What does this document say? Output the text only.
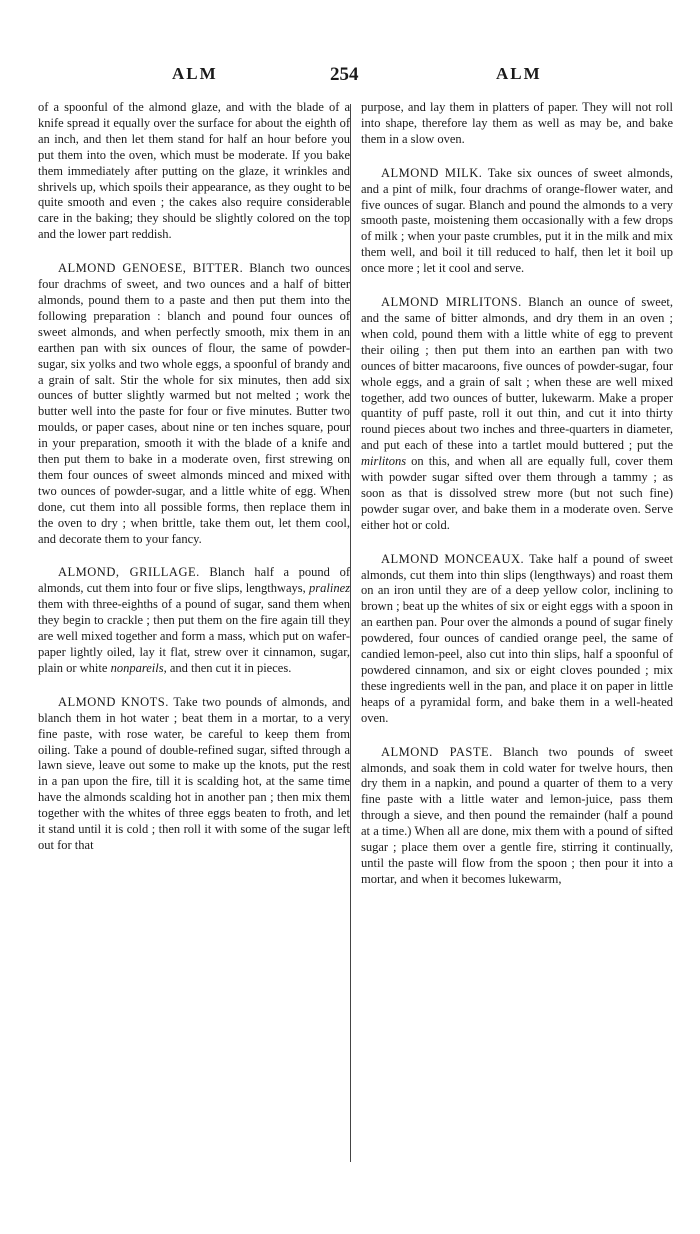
ALM	254	ALM

of a spoonful of the almond glaze, and with the blade of a knife spread it equally over the surface for about the eighth of an inch, and then let them stand for half an hour before you put them into the oven, which must be moderate. If you bake them immediately after putting on the glaze, it wrinkles and shrivels up, which spoils their appearance, as they ought to be quite smooth and even ; the cakes also require considerable care in the baking; they should be slightly colored on the top and the lower part reddish.

ALMOND GENOESE, BITTER. Blanch two ounces four drachms of sweet, and two ounces and a half of bitter almonds, pound them to a paste and then put them into the following preparation : blanch and pound four ounces of sweet almonds, and when perfectly smooth, mix them in an earthen pan with six ounces of flour, the same of powder-sugar, six yolks and two whole eggs, a spoonful of brandy and a grain of salt. Stir the whole for six minutes, then add six ounces of butter slightly warmed but not melted ; work the butter well into the paste for four or five minutes. Butter two moulds, or paper cases, about nine or ten inches square, pour in your preparation, smooth it with the blade of a knife and then put them to bake in a moderate oven, first strewing on them four ounces of sweet almonds minced and mixed with two ounces of powder-sugar, and a little white of egg. When done, cut them into all possible forms, then replace them in the oven to dry ; when brittle, take them out, let them cool, and decorate them to your fancy.

ALMOND, GRILLAGE. Blanch half a pound of almonds, cut them into four or five slips, lengthways, pralinez them with three-eighths of a pound of sugar, sand them when they begin to crackle ; then put them on the fire again till they are well mixed together and form a mass, which put on wafer-paper lightly oiled, lay it flat, strew over it cinnamon, sugar, plain or white nonpareils, and then cut it in pieces.

ALMOND KNOTS. Take two pounds of almonds, and blanch them in hot water ; beat them in a mortar, to a very fine paste, with rose water, be careful to keep them from oiling. Take a pound of double-refined sugar, sifted through a lawn sieve, leave out some to make up the knots, put the rest in a pan upon the fire, till it is scalding hot, at the same time have the almonds scalding hot in another pan ; then mix them together with the whites of three eggs beaten to froth, and let it stand until it is cold ; then roll it with some of the sugar left out for that

purpose, and lay them in platters of paper. They will not roll into shape, therefore lay them as well as may be, and bake them in a slow oven.

ALMOND MILK. Take six ounces of sweet almonds, and a pint of milk, four drachms of orange-flower water, and five ounces of sugar. Blanch and pound the almonds to a very smooth paste, moistening them occasionally with a few drops of milk ; when your paste crumbles, put it in the milk and mix them well, and boil it till reduced to half, then let it boil up once more ; let it cool and serve.

ALMOND MIRLITONS. Blanch an ounce of sweet, and the same of bitter almonds, and dry them in an oven ; when cold, pound them with a little white of egg to prevent their oiling ; then put them into an earthen pan with two ounces of bitter macaroons, five ounces of powder-sugar, four whole eggs, and a grain of salt ; when these are well mixed together, add two ounces of butter, lukewarm. Make a proper quantity of puff paste, roll it out thin, and cut it into thirty round pieces about two inches and three-quarters in diameter, and put each of these into a tartlet mould buttered ; put the mirlitons on this, and when all are equally full, cover them with powder sugar sifted over them through a tammy ; as soon as that is dissolved strew more (but not such fine) powder sugar over, and bake them in a moderate oven. Serve either hot or cold.

ALMOND MONCEAUX. Take half a pound of sweet almonds, cut them into thin slips (lengthways) and roast them on an iron until they are of a deep yellow color, inclining to brown ; beat up the whites of six or eight eggs with a spoon in an earthen pan. Pour over the almonds a pound of sugar finely powdered, four ounces of candied orange peel, the same of candied lemon-peel, also cut into thin slips, half a spoonful of powdered cinnamon, and six or eight cloves pounded ; mix these ingredients well in the pan, and place it on paper in little heaps of a pyramidal form, and bake them in a well-heated oven.

ALMOND PASTE. Blanch two pounds of sweet almonds, and soak them in cold water for twelve hours, then dry them in a napkin, and pound a quarter of them to a very fine paste with a little water and lemon-juice, pass them through a sieve, and then pound the remainder (half a pound at a time.) When all are done, mix them with a pound of sifted sugar ; place them over a gentle fire, stirring it continually, until the paste will flow from the spoon ; then pour it into a mortar, and when it becomes lukewarm,
